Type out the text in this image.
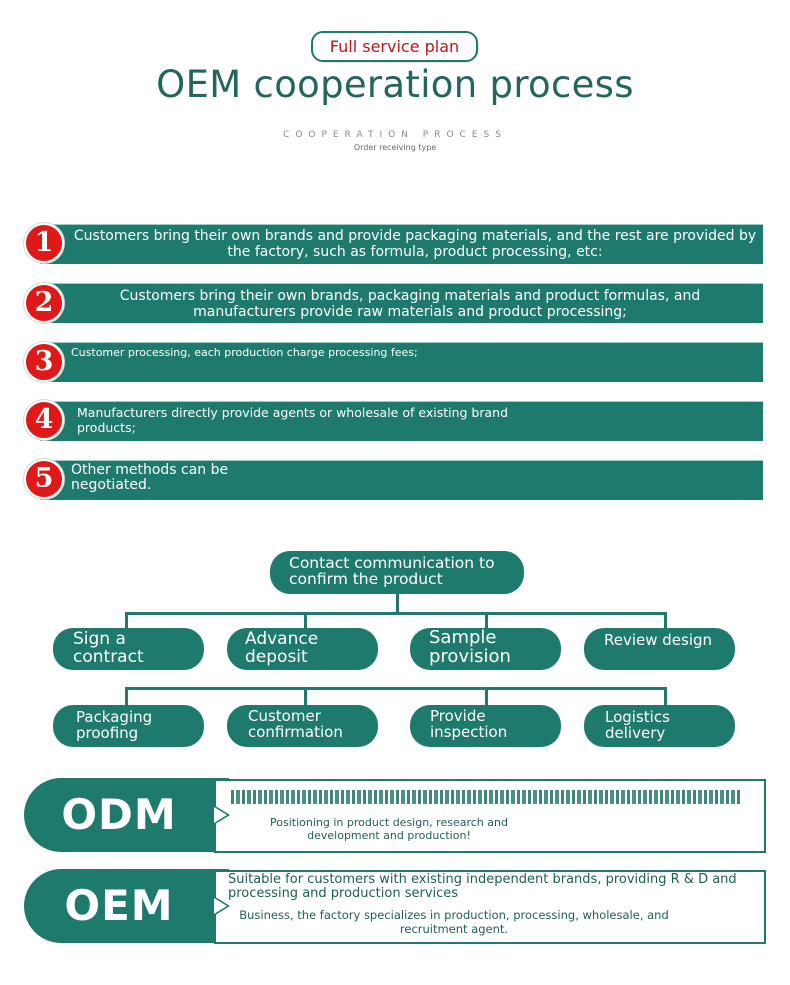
Full service plan
OEM cooperation process
COOPERATION PROCESS
Order receiving type
Customers bring their own brands and provide packaging materials, and the rest are provided by the factory, such as formula, product processing, etc:
1
Customers bring their own brands, packaging materials and product formulas, and manufacturers provide raw materials and product processing;
2
Customer processing, each production charge processing fees;
3
Manufacturers directly provide agents or wholesale of existing brand products;
4
Other methods can be negotiated.
5
Contact communication to confirm the product
Sign a contract
Advance deposit
Sample provision
Review design
Packaging proofing
Customer confirmation
Provide inspection
Logistics delivery
ODM	Positioning in product design, research and development and production!
OEM
Suitable for customers with existing independent brands, providing R & D and processing and production services
Business, the factory specializes in production, processing, wholesale, and recruitment agent.
